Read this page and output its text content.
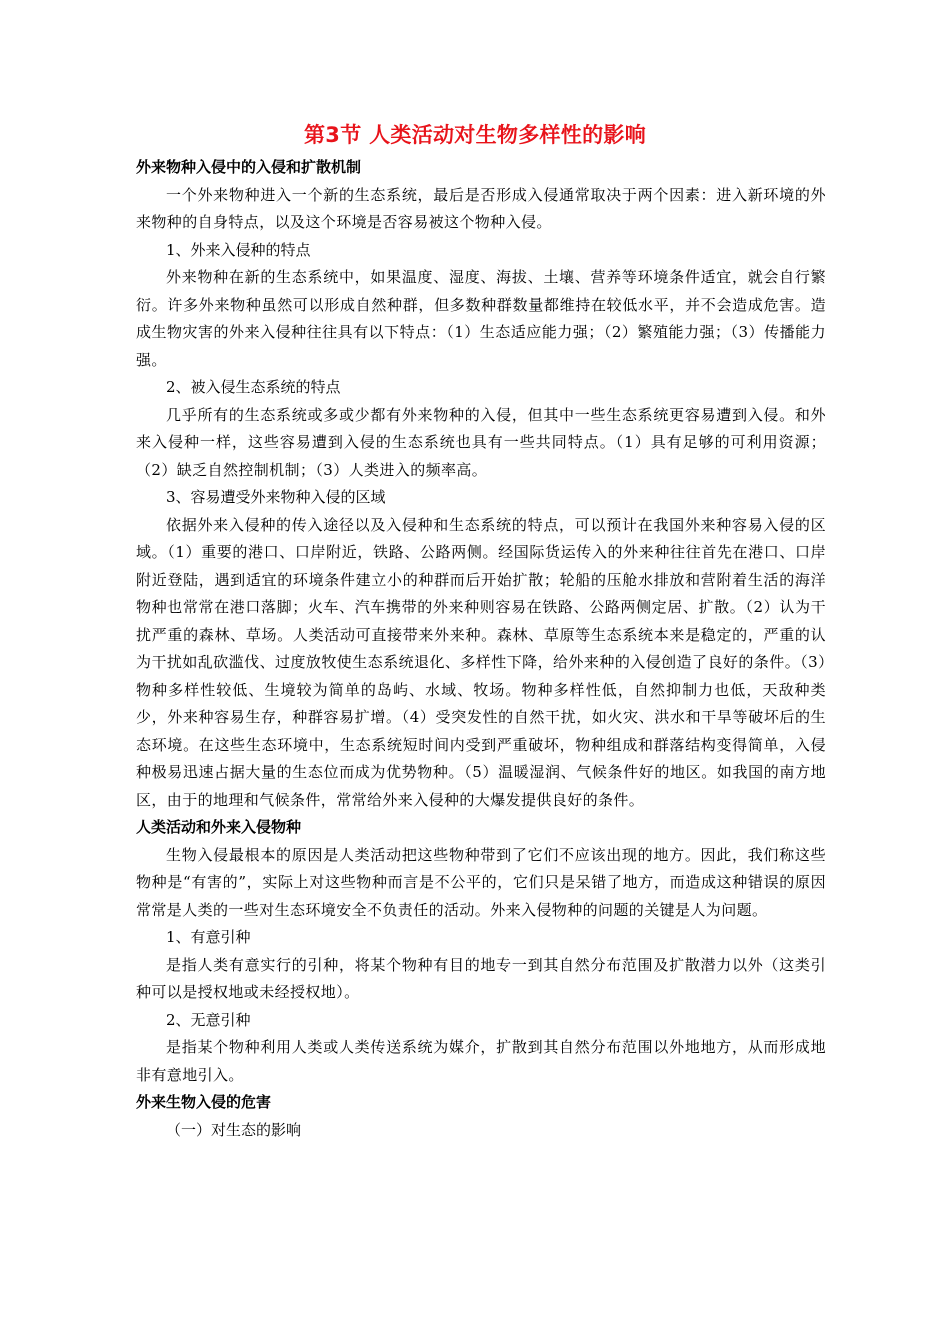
第3节 人类活动对生物多样性的影响
外来物种入侵中的入侵和扩散机制

一个外来物种进入一个新的生态系统，最后是否形成入侵通常取决于两个因素：进入新环境的外来物种的自身特点，以及这个环境是否容易被这个物种入侵。

1、外来入侵种的特点

外来物种在新的生态系统中，如果温度、湿度、海拔、土壤、营养等环境条件适宜，就会自行繁衍。许多外来物种虽然可以形成自然种群，但多数种群数量都维持在较低水平，并不会造成危害。造成生物灾害的外来入侵种往往具有以下特点：（1）生态适应能力强；（2）繁殖能力强；（3）传播能力强。

2、被入侵生态系统的特点

几乎所有的生态系统或多或少都有外来物种的入侵，但其中一些生态系统更容易遭到入侵。和外来入侵种一样，这些容易遭到入侵的生态系统也具有一些共同特点。（1）具有足够的可利用资源；（2）缺乏自然控制机制；（3）人类进入的频率高。

3、容易遭受外来物种入侵的区域

依据外来入侵种的传入途径以及入侵种和生态系统的特点，可以预计在我国外来种容易入侵的区域。（1）重要的港口、口岸附近，铁路、公路两侧。经国际货运传入的外来种往往首先在港口、口岸附近登陆，遇到适宜的环境条件建立小的种群而后开始扩散；轮船的压舱水排放和营附着生活的海洋物种也常常在港口落脚；火车、汽车携带的外来种则容易在铁路、公路两侧定居、扩散。（2）认为干扰严重的森林、草场。人类活动可直接带来外来种。森林、草原等生态系统本来是稳定的，严重的认为干扰如乱砍滥伐、过度放牧使生态系统退化、多样性下降，给外来种的入侵创造了良好的条件。（3）物种多样性较低、生境较为简单的岛屿、水域、牧场。物种多样性低，自然抑制力也低，天敌种类少，外来种容易生存，种群容易扩增。（4）受突发性的自然干扰，如火灾、洪水和干旱等破坏后的生态环境。在这些生态环境中，生态系统短时间内受到严重破坏，物种组成和群落结构变得简单，入侵种极易迅速占据大量的生态位而成为优势物种。（5）温暖湿润、气候条件好的地区。如我国的南方地区，由于的地理和气候条件，常常给外来入侵种的大爆发提供良好的条件。

人类活动和外来入侵物种

生物入侵最根本的原因是人类活动把这些物种带到了它们不应该出现的地方。因此，我们称这些物种是“有害的”，实际上对这些物种而言是不公平的，它们只是呆错了地方，而造成这种错误的原因常常是人类的一些对生态环境安全不负责任的活动。外来入侵物种的问题的关键是人为问题。

1、有意引种

是指人类有意实行的引种，将某个物种有目的地专一到其自然分布范围及扩散潜力以外（这类引种可以是授权地或未经授权地）。

2、无意引种

是指某个物种利用人类或人类传送系统为媒介，扩散到其自然分布范围以外地地方，从而形成地非有意地引入。

外来生物入侵的危害

（一）对生态的影响
